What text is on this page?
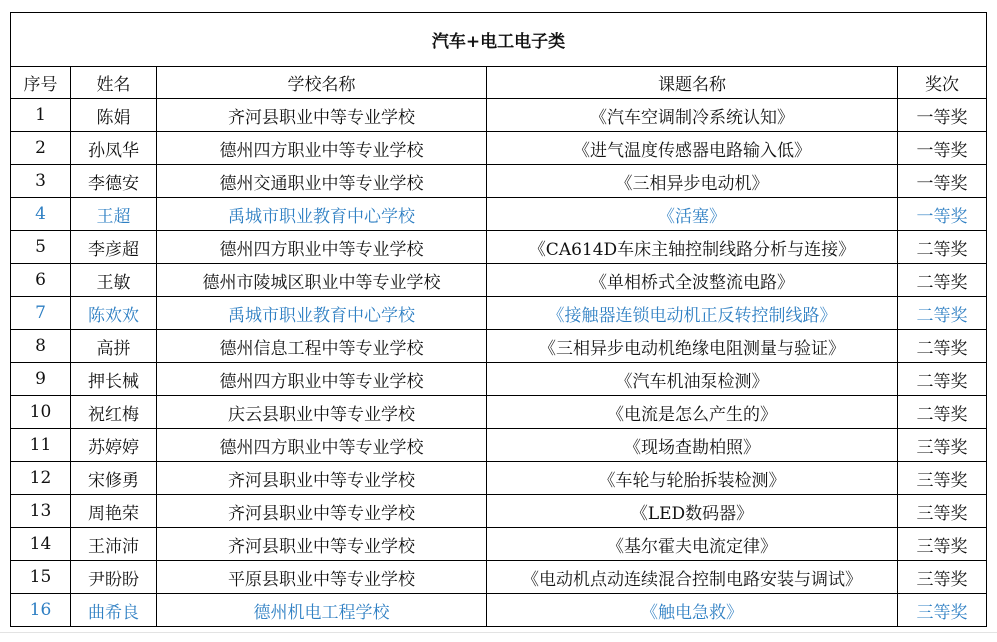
汽车+电工电子类				
序号	姓名	学校名称	课题名称	奖次
1	陈娟	齐河县职业中等专业学校	《汽车空调制冷系统认知》	一等奖
2	孙凤华	德州四方职业中等专业学校	《进气温度传感器电路输入低》	一等奖
3	李德安	德州交通职业中等专业学校	《三相异步电动机》	一等奖
4	王超	禹城市职业教育中心学校	《活塞》	一等奖
5	李彦超	德州四方职业中等专业学校	《CA614D车床主轴控制线路分析与连接》	二等奖
6	王敏	德州市陵城区职业中等专业学校	《单相桥式全波整流电路》	二等奖
7	陈欢欢	禹城市职业教育中心学校	《接触器连锁电动机正反转控制线路》	二等奖
8	高拼	德州信息工程中等专业学校	《三相异步电动机绝缘电阻测量与验证》	二等奖
9	押长械	德州四方职业中等专业学校	《汽车机油泵检测》	二等奖
10	祝红梅	庆云县职业中等专业学校	《电流是怎么产生的》	二等奖
11	苏婷婷	德州四方职业中等专业学校	《现场查勘柏照》	三等奖
12	宋修勇	齐河县职业中等专业学校	《车轮与轮胎拆装检测》	三等奖
13	周艳荣	齐河县职业中等专业学校	《LED数码器》	三等奖
14	王沛沛	齐河县职业中等专业学校	《基尔霍夫电流定律》	三等奖
15	尹盼盼	平原县职业中等专业学校	《电动机点动连续混合控制电路安装与调试》	三等奖
16	曲希良	德州机电工程学校	《触电急救》	三等奖
